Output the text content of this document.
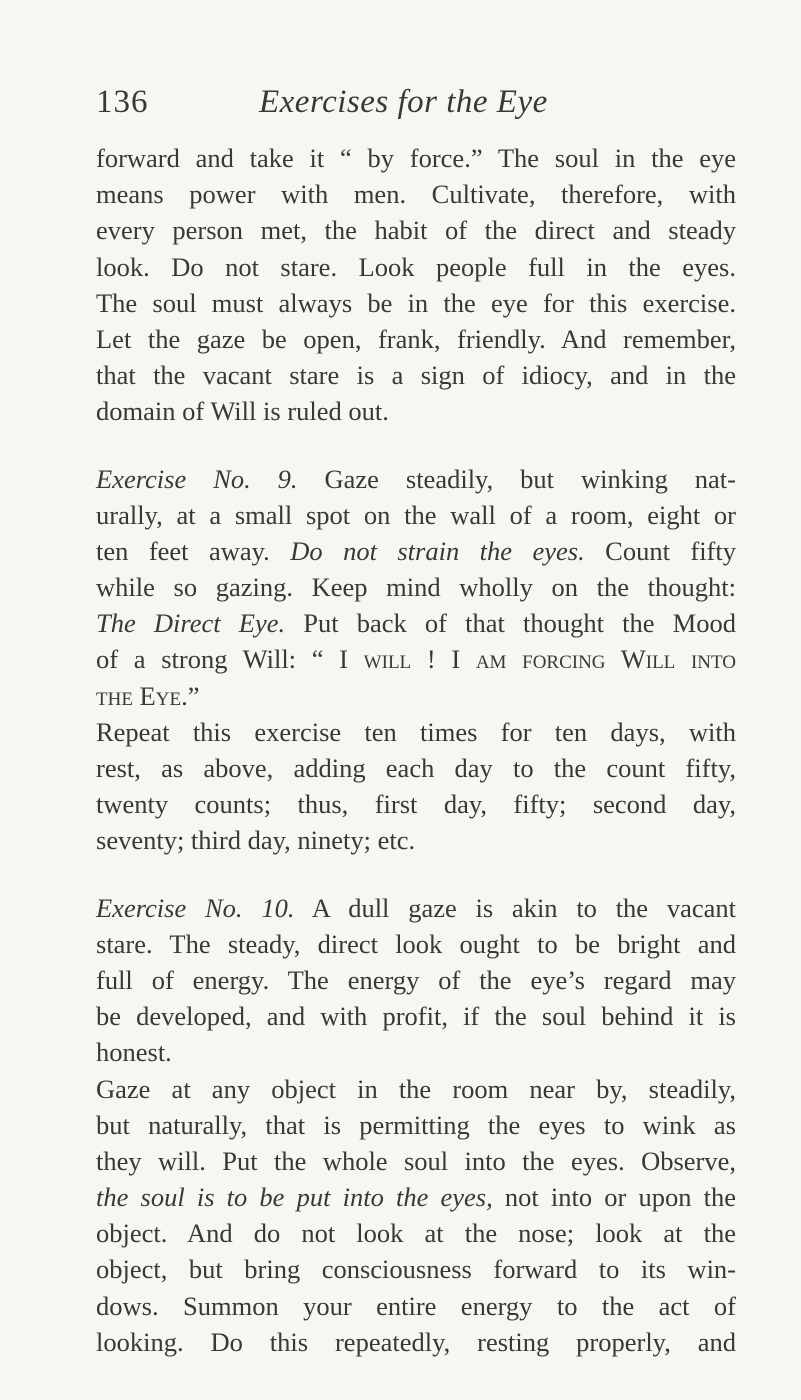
136	Exercises for the Eye
forward and take it “ by force.” The soul in the eye
means power with men. Cultivate, therefore, with
every person met, the habit of the direct and steady
look. Do not stare. Look people full in the eyes.
The soul must always be in the eye for this exercise.
Let the gaze be open, frank, friendly. And remember,
that the vacant stare is a sign of idiocy, and in the
domain of Will is ruled out.
Exercise No. 9. Gaze steadily, but winking nat-
urally, at a small spot on the wall of a room, eight or
ten feet away. Do not strain the eyes. Count fifty
while so gazing. Keep mind wholly on the thought:
The Direct Eye. Put back of that thought the Mood
of a strong Will: “ I will ! I am forcing Will into
the Eye.”
Repeat this exercise ten times for ten days, with
rest, as above, adding each day to the count fifty,
twenty counts; thus, first day, fifty; second day,
seventy; third day, ninety; etc.
Exercise No. 10. A dull gaze is akin to the vacant
stare. The steady, direct look ought to be bright and
full of energy. The energy of the eye’s regard may
be developed, and with profit, if the soul behind it is
honest.
Gaze at any object in the room near by, steadily,
but naturally, that is permitting the eyes to wink as
they will. Put the whole soul into the eyes. Observe,
the soul is to be put into the eyes, not into or upon the
object. And do not look at the nose; look at the
object, but bring consciousness forward to its win-
dows. Summon your entire energy to the act of
looking. Do this repeatedly, resting properly, and
